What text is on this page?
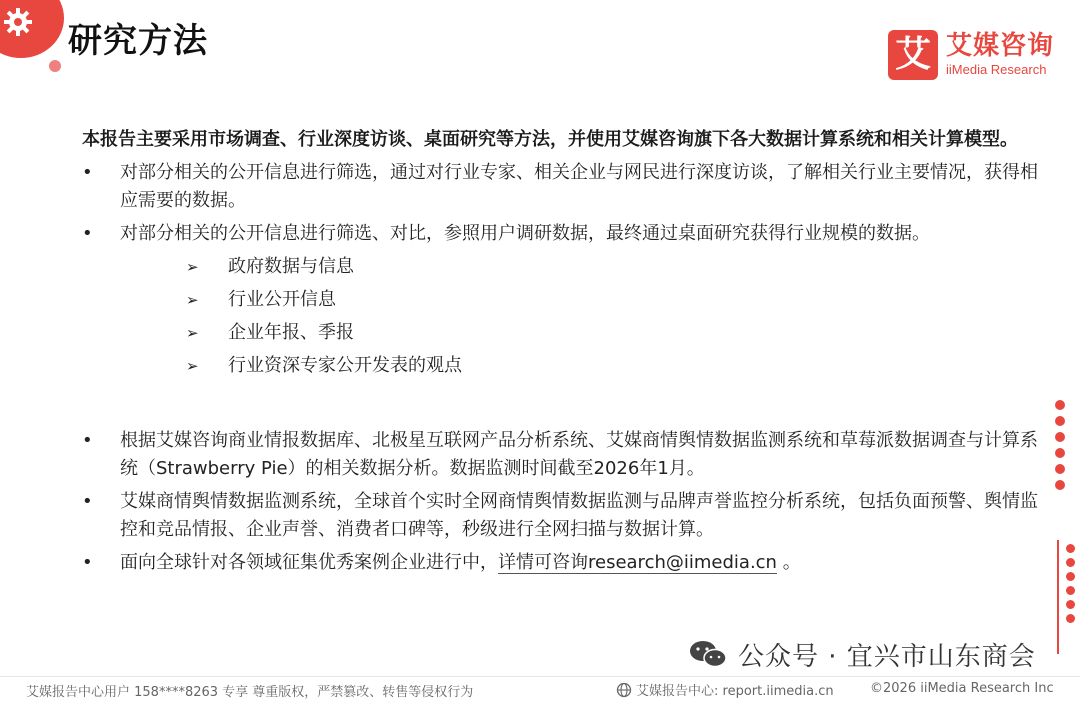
研究方法	艾 艾媒咨询
iiMedia Research
本报告主要采用市场调查、行业深度访谈、桌面研究等方法，并使用艾媒咨询旗下各大数据计算系统和相关计算模型。
•	对部分相关的公开信息进行筛选，通过对行业专家、相关企业与网民进行深度访谈，了解相关行业主要情况，获得相应需要的数据。
•	对部分相关的公开信息进行筛选、对比，参照用户调研数据，最终通过桌面研究获得行业规模的数据。
➢ 政府数据与信息
➢ 行业公开信息
➢ 企业年报、季报
➢ 行业资深专家公开发表的观点
•	根据艾媒咨询商业情报数据库、北极星互联网产品分析系统、艾媒商情舆情数据监测系统和草莓派数据调查与计算系统（Strawberry Pie）的相关数据分析。数据监测时间截至2026年1月。
•	艾媒商情舆情数据监测系统，全球首个实时全网商情舆情数据监测与品牌声誉监控分析系统，包括负面预警、舆情监控和竞品情报、企业声誉、消费者口碑等，秒级进行全网扫描与数据计算。
•	面向全球针对各领域征集优秀案例企业进行中，详情可咨询research@iimedia.cn 。
公众号 · 宜兴市山东商会
艾媒报告中心用户 158****8263 专享 尊重版权，严禁篡改、转售等侵权行为	艾媒报告中心: report.iimedia.cn	©2026 iiMedia Research Inc
